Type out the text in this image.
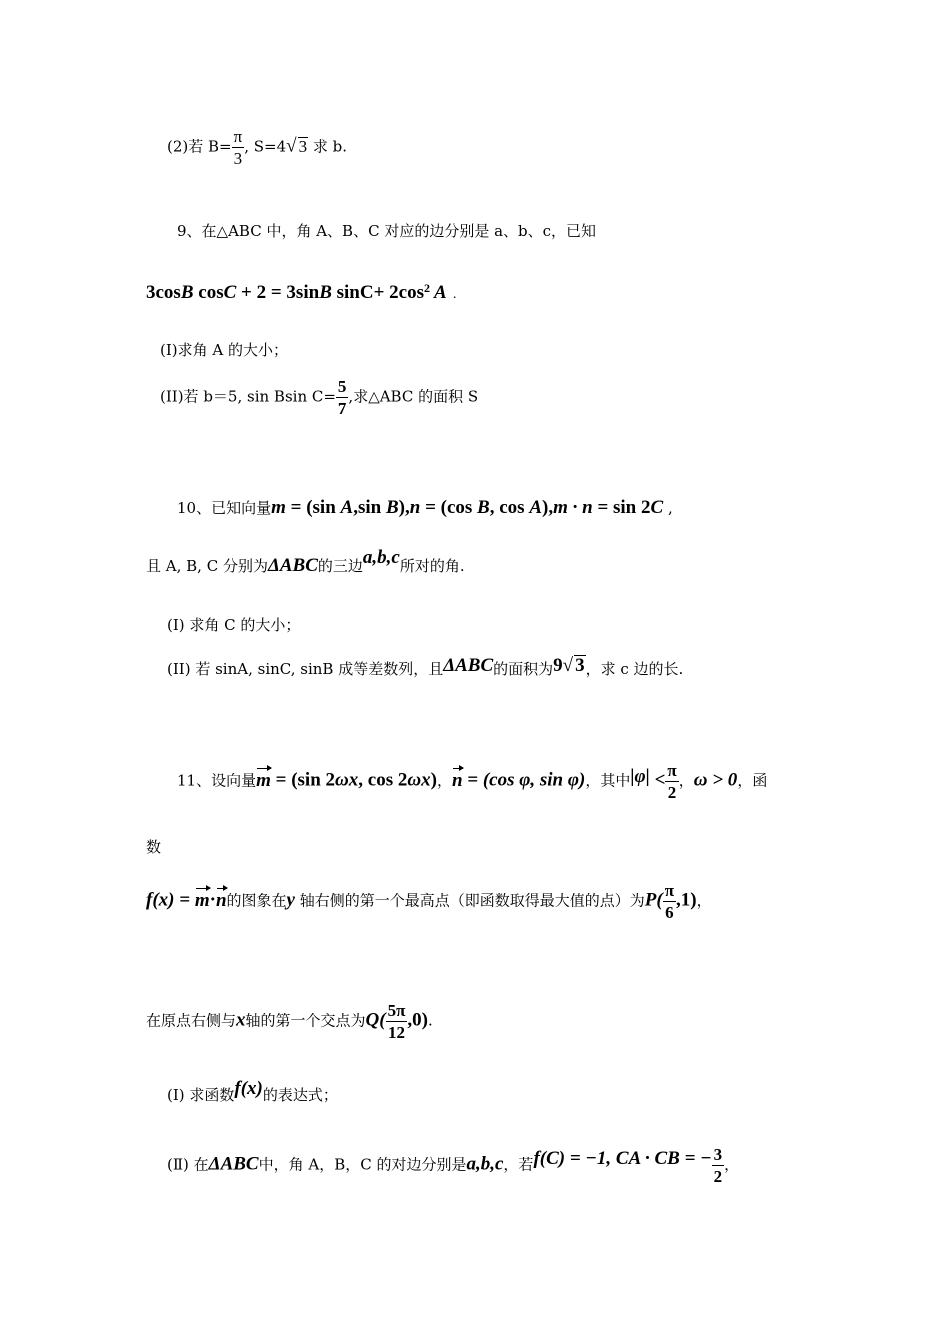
(2)若 $B= \frac{\pi}{3}$ , S=4√ 3 求 b.
9、在△ABC 中，角 A、B、C 对应的边分别是 a、b、c，已知
3cosB cosC + 2 = 3sinB $\sin C+ 2\cos^2$ A .
(I)求角 A 的大小；
(II)若 b＝5, sin Bsin $C= \frac{5}{7}$ ,求△ABC 的面积 S
10、已知向量m = (sin A,sin B),n = (cos B, cos A),m · n = sin 2C ,
且 A, B, C 分别为ΔABC的三边a,b,c所对的角.
(I) 求角 C 的大小；
(II) 若 sinA, sinC, sinB 成等差数列，且ΔABC的面积为9√ 3，求 c 边的长.
11、设向量m = (sin 2ωx, cos 2ωx)，n = (cos φ, sin φ)，其中$|\varphi| < \frac{\pi}{2}$ ，ω > 0，函
数
f(x) = m·n的图象在y 轴右侧的第一个最高点（即函数取得最大值的点）为$P( \frac{\pi}{6} ,1)$，
在原点右侧与x轴的第一个交点为$Q( \frac{5\pi}{12} ,0)$.
(Ⅰ) 求函数f(x)的表达式；
(Ⅱ) 在ΔABC中，角 A，B，C 的对边分别是a,b,c，若f(C) = −1, CA · CB = − $\frac{3}{2}$ ，
